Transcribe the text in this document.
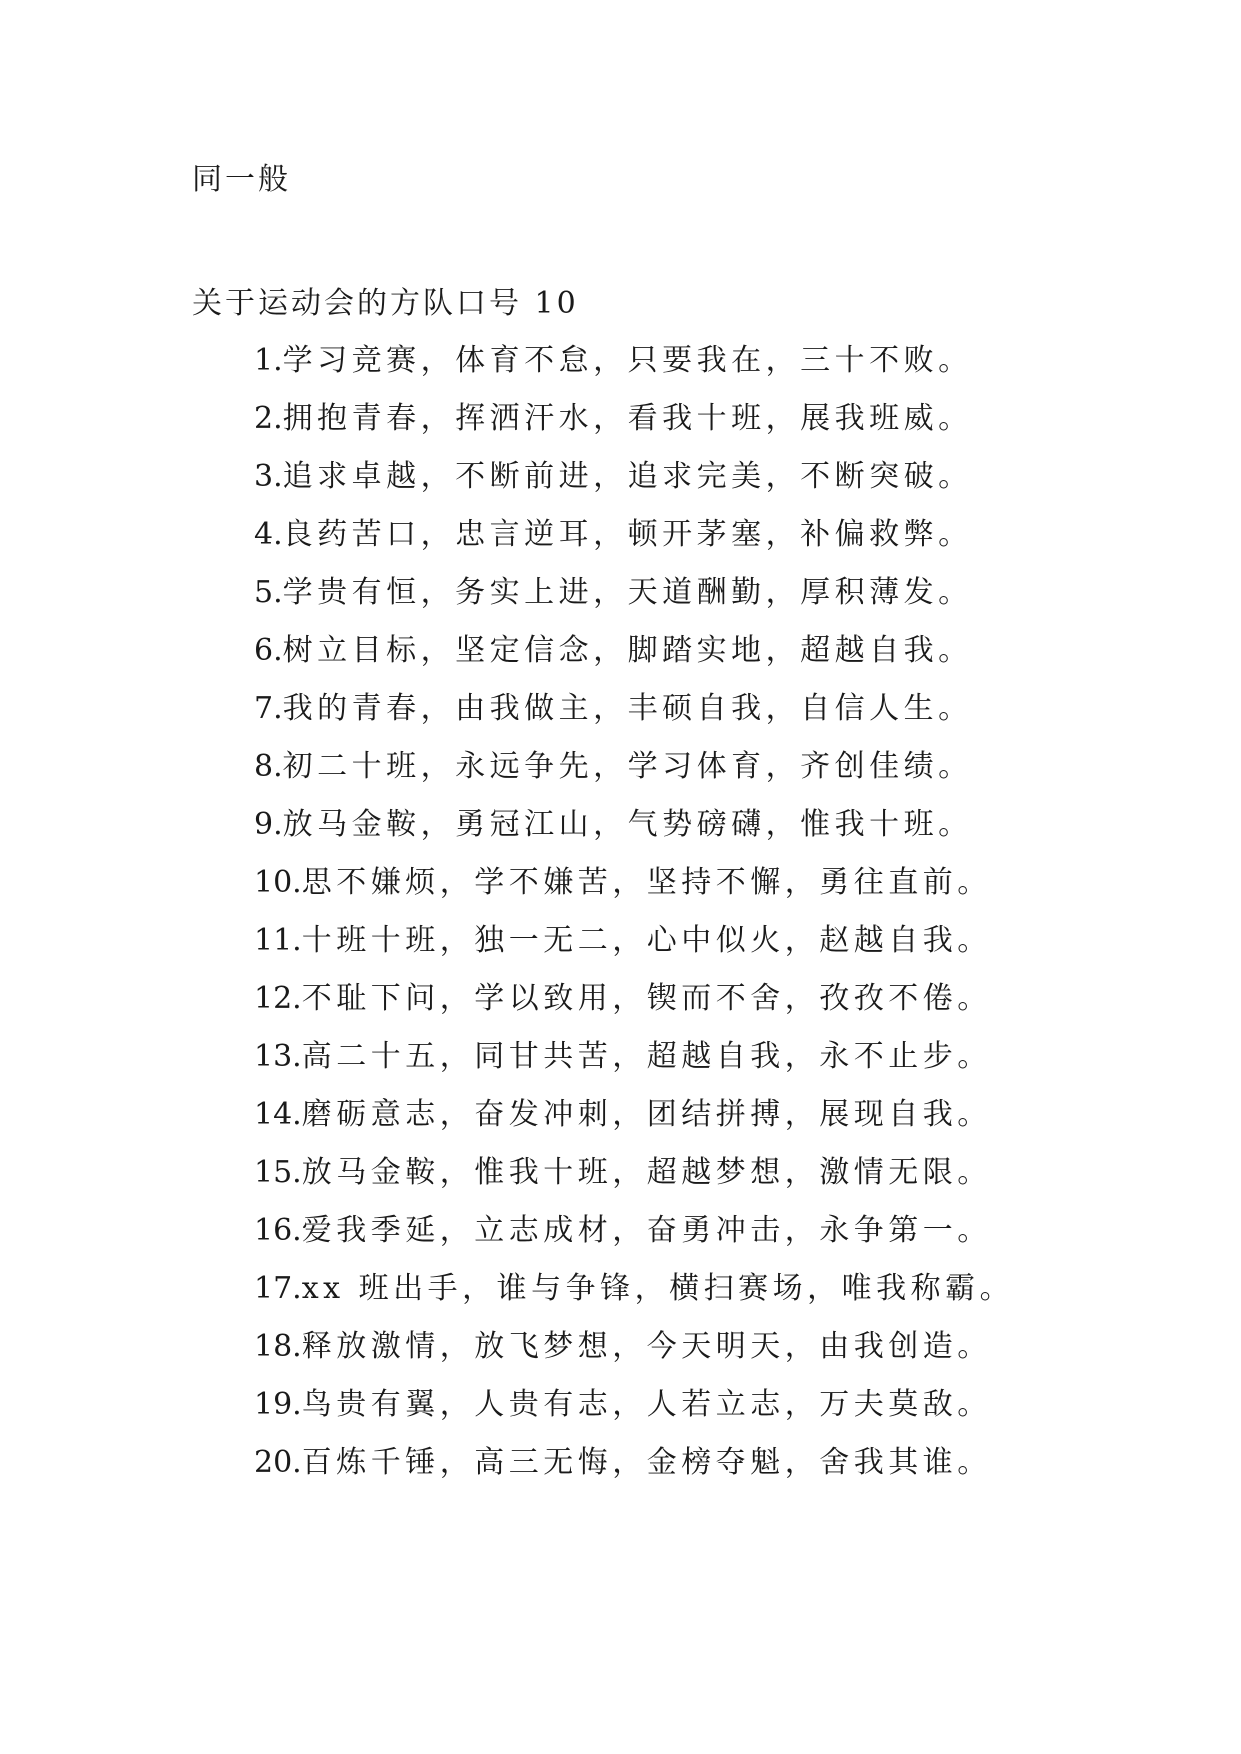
同一般
关于运动会的方队口号 10
1.学习竞赛，体育不怠，只要我在，三十不败。
2.拥抱青春，挥洒汗水，看我十班，展我班威。
3.追求卓越，不断前进，追求完美，不断突破。
4.良药苦口，忠言逆耳，顿开茅塞，补偏救弊。
5.学贵有恒，务实上进，天道酬勤，厚积薄发。
6.树立目标，坚定信念，脚踏实地，超越自我。
7.我的青春，由我做主，丰硕自我，自信人生。
8.初二十班，永远争先，学习体育，齐创佳绩。
9.放马金鞍，勇冠江山，气势磅礴，惟我十班。
10.思不嫌烦，学不嫌苦，坚持不懈，勇往直前。
11.十班十班，独一无二，心中似火，赵越自我。
12.不耻下问，学以致用，锲而不舍，孜孜不倦。
13.高二十五，同甘共苦，超越自我，永不止步。
14.磨砺意志，奋发冲刺，团结拼搏，展现自我。
15.放马金鞍，惟我十班，超越梦想，激情无限。
16.爱我季延，立志成材，奋勇冲击，永争第一。
17.xx 班出手，谁与争锋，横扫赛场，唯我称霸。
18.释放激情，放飞梦想，今天明天，由我创造。
19.鸟贵有翼，人贵有志，人若立志，万夫莫敌。
20.百炼千锤，高三无悔，金榜夺魁，舍我其谁。
